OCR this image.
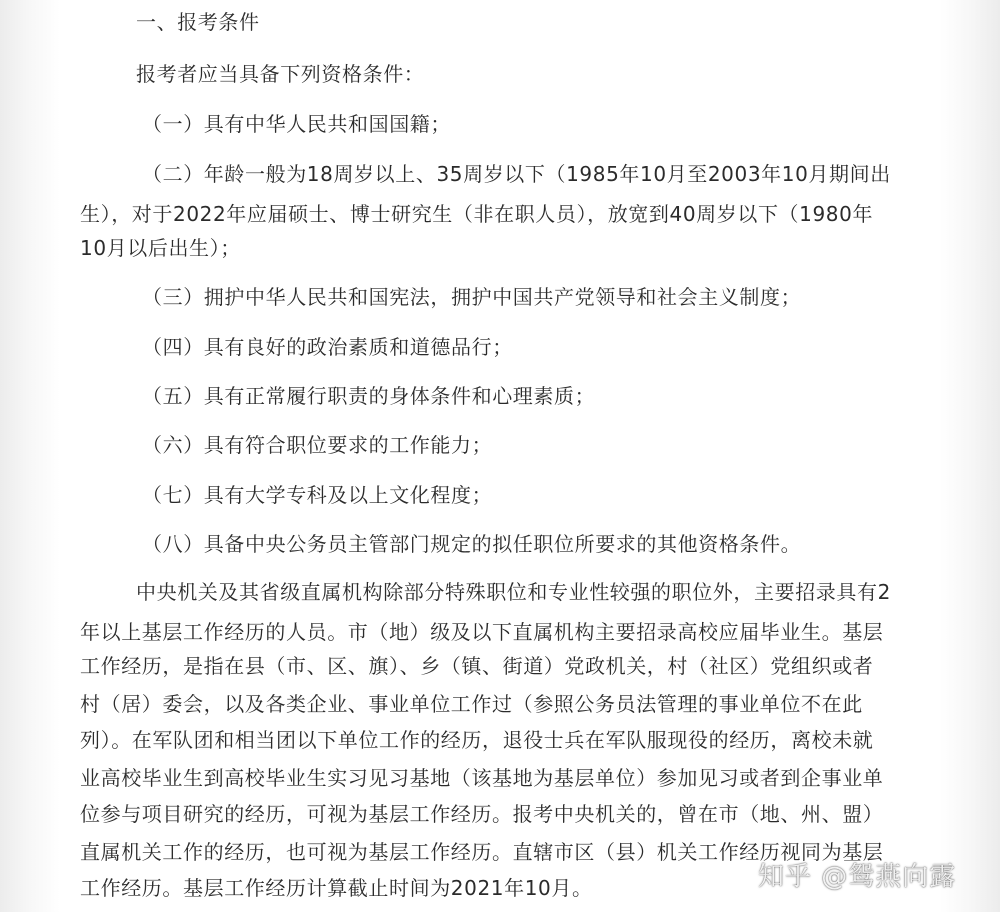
一、报考条件
报考者应当具备下列资格条件：
（一）具有中华人民共和国国籍；
（二）年龄一般为18周岁以上、35周岁以下（1985年10月至2003年10月期间出
生），对于2022年应届硕士、博士研究生（非在职人员），放宽到40周岁以下（1980年
10月以后出生）；
（三）拥护中华人民共和国宪法，拥护中国共产党领导和社会主义制度；
（四）具有良好的政治素质和道德品行；
（五）具有正常履行职责的身体条件和心理素质；
（六）具有符合职位要求的工作能力；
（七）具有大学专科及以上文化程度；
（八）具备中央公务员主管部门规定的拟任职位所要求的其他资格条件。
中央机关及其省级直属机构除部分特殊职位和专业性较强的职位外，主要招录具有2
年以上基层工作经历的人员。市（地）级及以下直属机构主要招录高校应届毕业生。基层
工作经历，是指在县（市、区、旗）、乡（镇、街道）党政机关，村（社区）党组织或者
村（居）委会，以及各类企业、事业单位工作过（参照公务员法管理的事业单位不在此
列）。在军队团和相当团以下单位工作的经历，退役士兵在军队服现役的经历，离校未就
业高校毕业生到高校毕业生实习见习基地（该基地为基层单位）参加见习或者到企事业单
位参与项目研究的经历，可视为基层工作经历。报考中央机关的，曾在市（地、州、盟）
直属机关工作的经历，也可视为基层工作经历。直辖市区（县）机关工作经历视同为基层
工作经历。基层工作经历计算截止时间为2021年10月。	知乎 @鸳燕向露
